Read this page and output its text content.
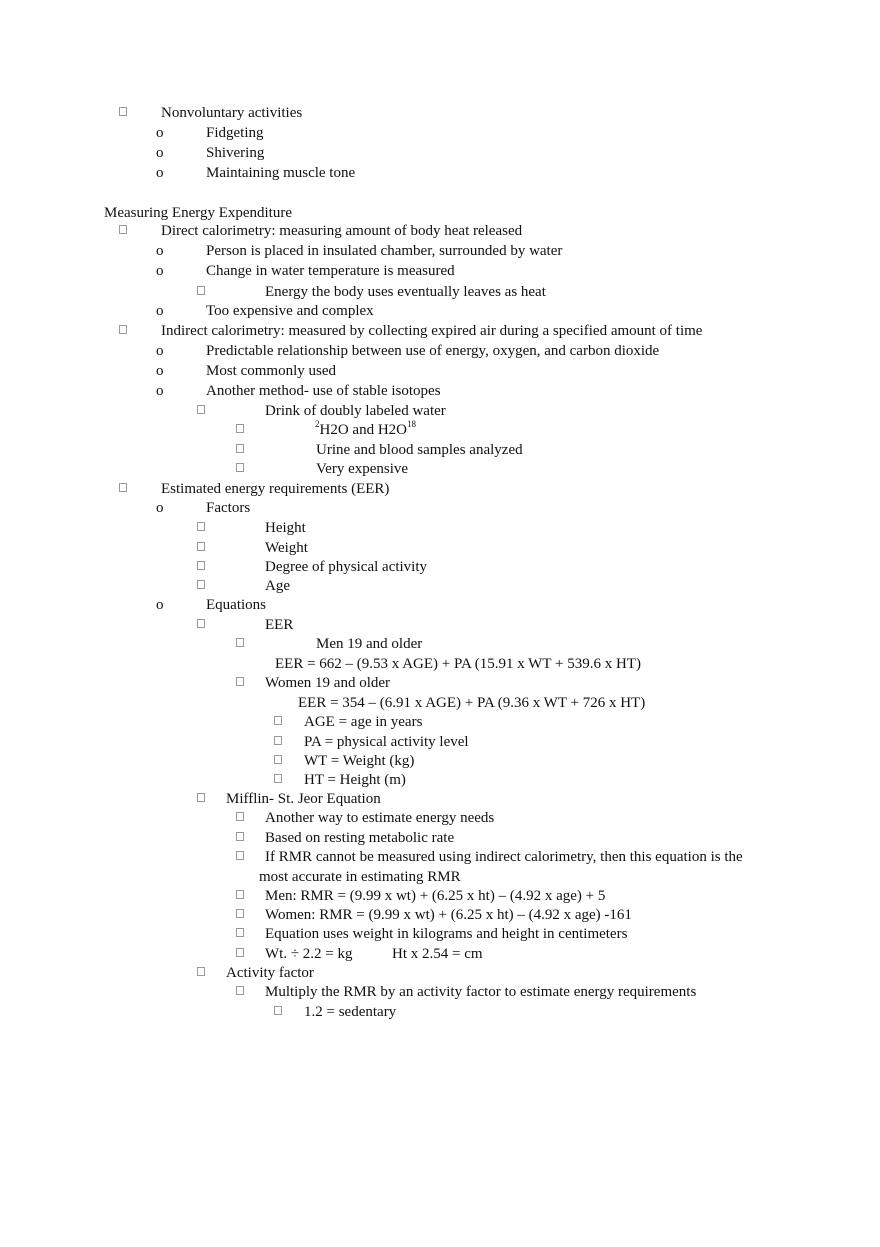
Nonvoluntary activities
o	Fidgeting
o	Shivering
o	Maintaining muscle tone
Measuring Energy Expenditure
Direct calorimetry: measuring amount of body heat released
o	Person is placed in insulated chamber, surrounded by water
o	Change in water temperature is measured
Energy the body uses eventually leaves as heat
o	Too expensive and complex
Indirect calorimetry: measured by collecting expired air during a specified amount of time
o	Predictable relationship between use of energy, oxygen, and carbon dioxide
o	Most commonly used
o	Another method- use of stable isotopes
Drink of doubly labeled water
$^2$H2O and $H2O^{18}$
Urine and blood samples analyzed
Very expensive
Estimated energy requirements (EER)
o	Factors
Height
Weight
Degree of physical activity
Age
o	Equations
EER
Men 19 and older
EER = 662 – (9.53 x AGE) + PA (15.91 x WT + 539.6 x HT)
Women 19 and older
EER = 354 – (6.91 x AGE) + PA (9.36 x WT + 726 x HT)
AGE = age in years
PA = physical activity level
WT = Weight (kg)
HT = Height (m)
Mifflin- St. Jeor Equation
Another way to estimate energy needs
Based on resting metabolic rate
If RMR cannot be measured using indirect calorimetry, then this equation is the
most accurate in estimating RMR
Men: RMR = (9.99 x wt) + (6.25 x ht) – (4.92 x age) + 5
Women: RMR = (9.99 x wt) + (6.25 x ht) – (4.92 x age) -161
Equation uses weight in kilograms and height in centimeters
Wt. ÷ 2.2 = kg	Ht x 2.54 = cm
Activity factor
Multiply the RMR by an activity factor to estimate energy requirements
1.2 = sedentary
